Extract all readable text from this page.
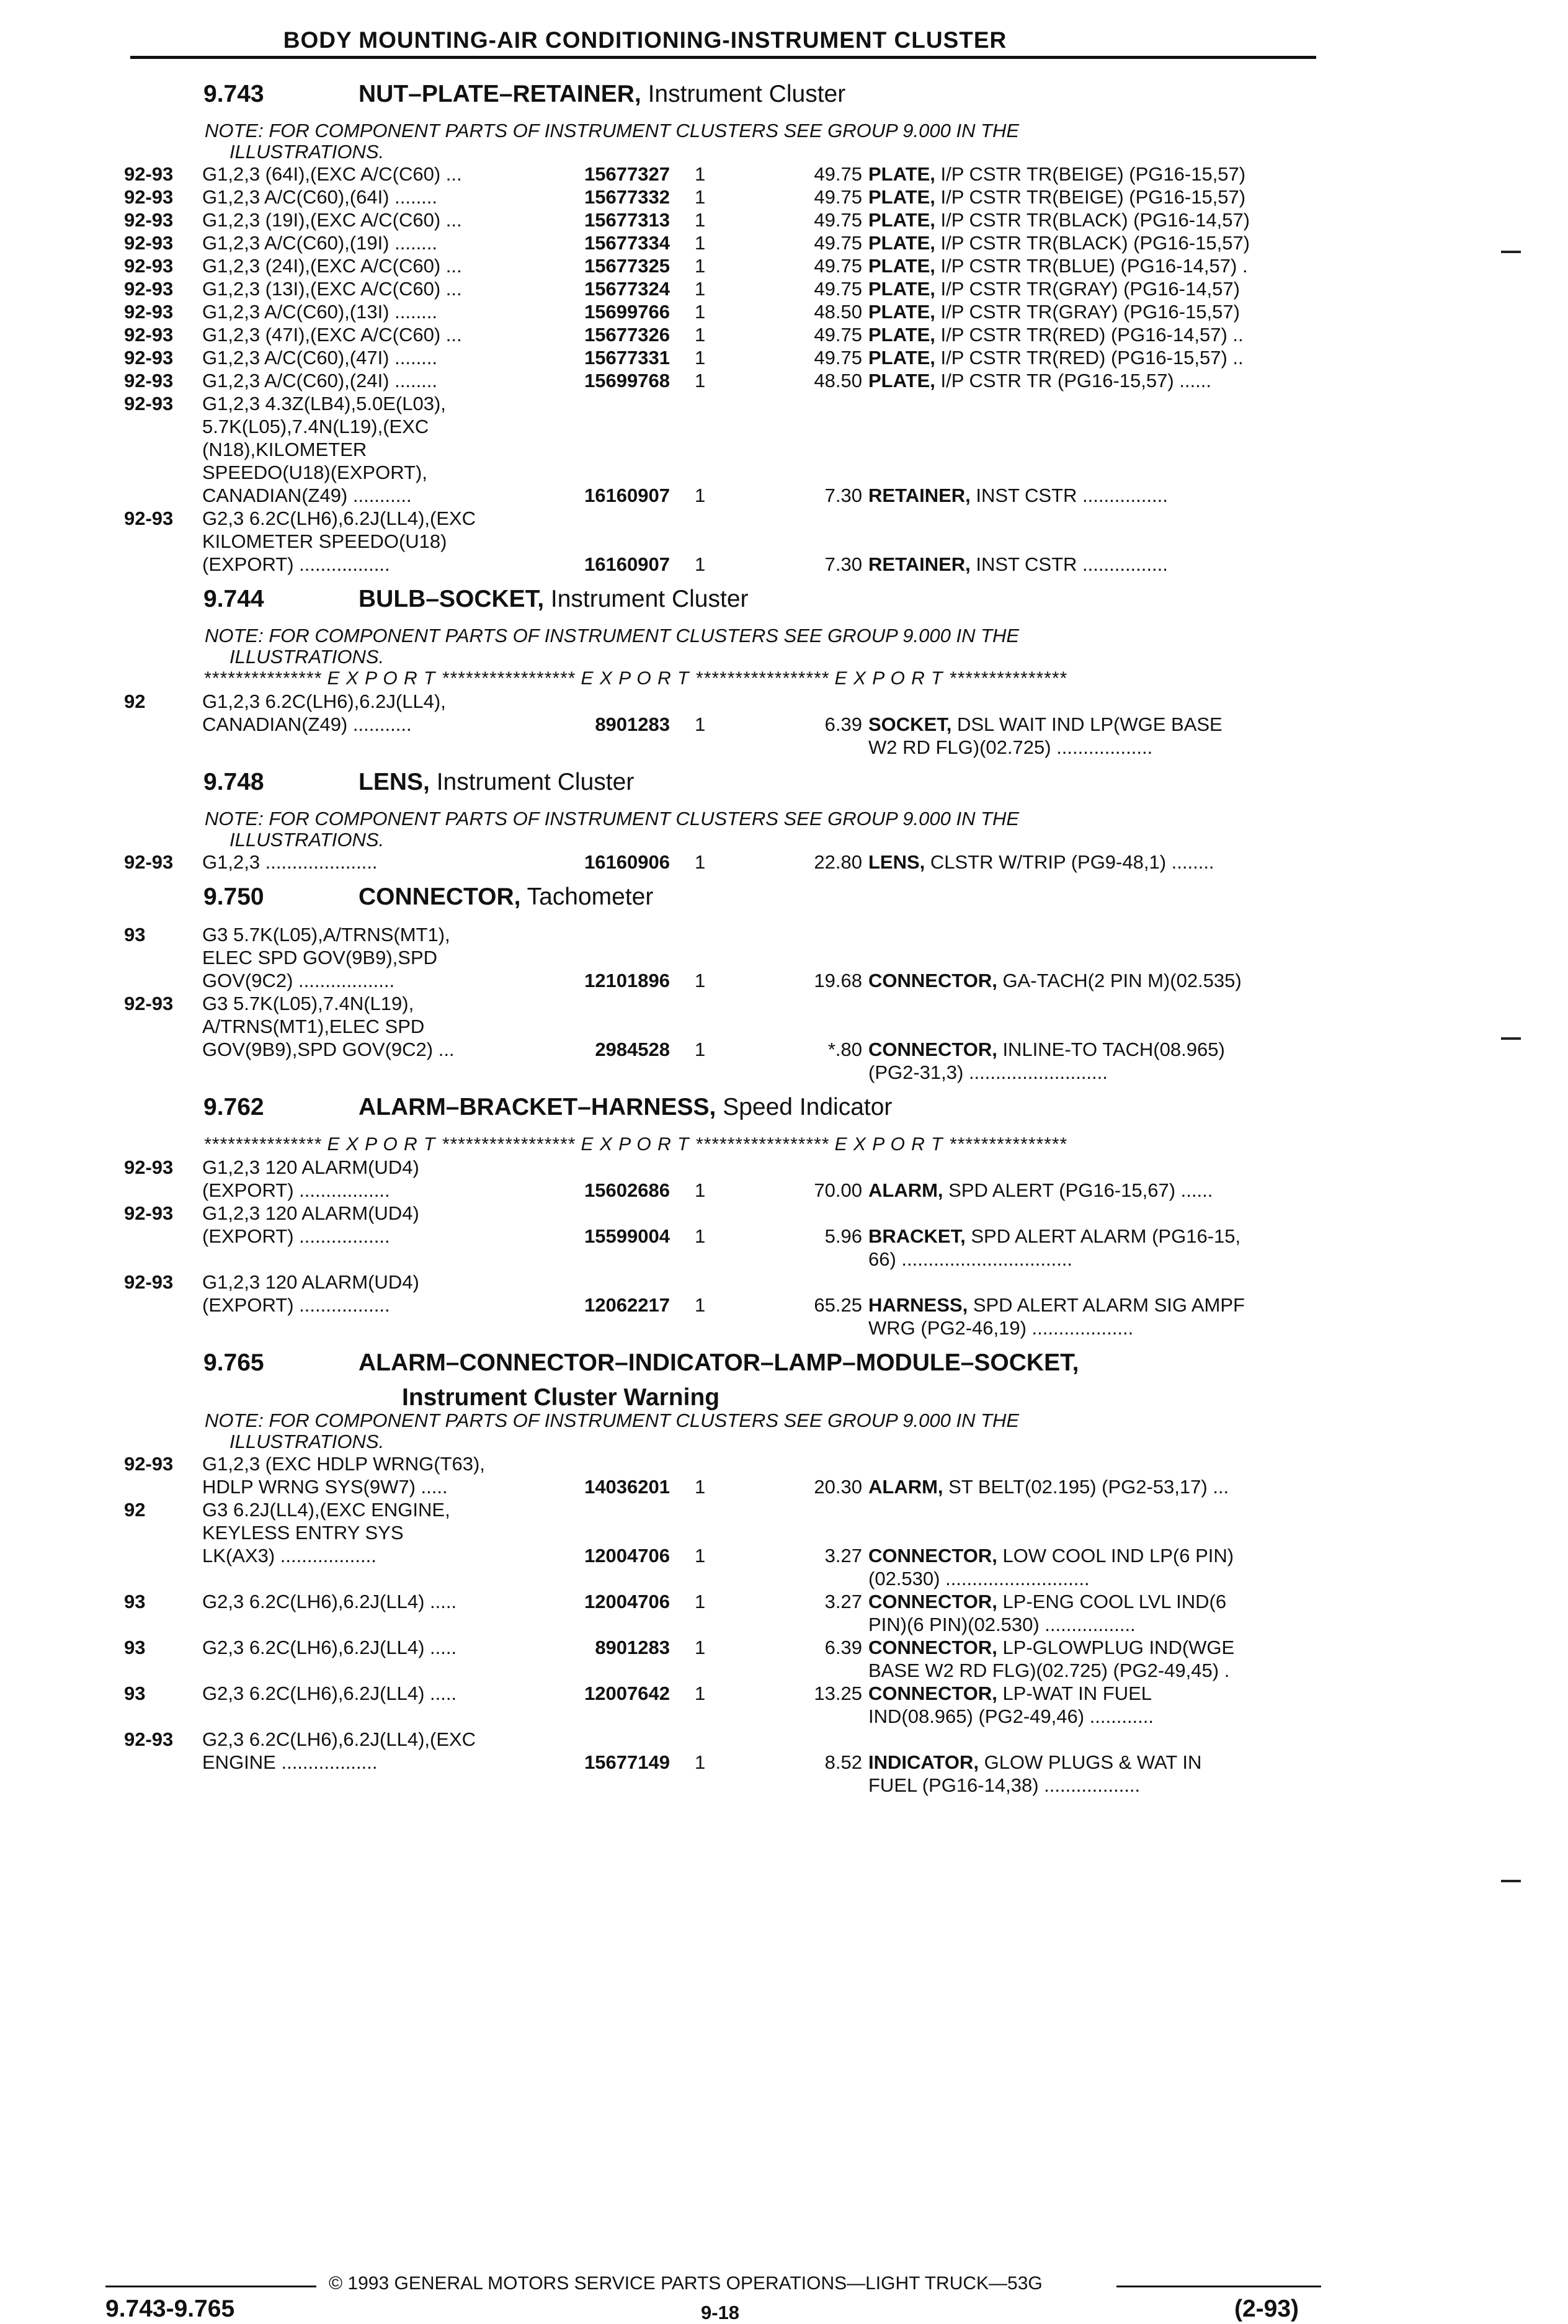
BODY MOUNTING-AIR CONDITIONING-INSTRUMENT CLUSTER
9.743	NUT–PLATE–RETAINER, Instrument Cluster
NOTE: FOR COMPONENT PARTS OF INSTRUMENT CLUSTERS SEE GROUP 9.000 IN THE
ILLUSTRATIONS.
92-93	G1,2,3 (64I),(EXC A/C(C60) ...	15677327 1	49.75 PLATE, I/P CSTR TR(BEIGE) (PG16-15,57)
92-93	G1,2,3 A/C(C60),(64I) ........	15677332 1	49.75 PLATE, I/P CSTR TR(BEIGE) (PG16-15,57)
92-93	G1,2,3 (19I),(EXC A/C(C60) ...	15677313 1	49.75 PLATE, I/P CSTR TR(BLACK) (PG16-14,57)
92-93	G1,2,3 A/C(C60),(19I) ........	15677334 1	49.75 PLATE, I/P CSTR TR(BLACK) (PG16-15,57)
92-93	G1,2,3 (24I),(EXC A/C(C60) ...	15677325 1	49.75 PLATE, I/P CSTR TR(BLUE) (PG16-14,57) .
92-93	G1,2,3 (13I),(EXC A/C(C60) ...	15677324 1	49.75 PLATE, I/P CSTR TR(GRAY) (PG16-14,57)
92-93	G1,2,3 A/C(C60),(13I) ........	15699766 1	48.50 PLATE, I/P CSTR TR(GRAY) (PG16-15,57)
92-93	G1,2,3 (47I),(EXC A/C(C60) ...	15677326 1	49.75 PLATE, I/P CSTR TR(RED) (PG16-14,57) ..
92-93	G1,2,3 A/C(C60),(47I) ........	15677331 1	49.75 PLATE, I/P CSTR TR(RED) (PG16-15,57) ..
92-93	G1,2,3 A/C(C60),(24I) ........	15699768 1	48.50 PLATE, I/P CSTR TR (PG16-15,57) ......
92-93	G1,2,3 4.3Z(LB4),5.0E(L03),
5.7K(L05),7.4N(L19),(EXC
(N18),KILOMETER
SPEEDO(U18)(EXPORT),
CANADIAN(Z49) ...........	16160907 1	7.30 RETAINER, INST CSTR ................
92-93	G2,3 6.2C(LH6),6.2J(LL4),(EXC
KILOMETER SPEEDO(U18)
(EXPORT) .................	16160907 1	7.30 RETAINER, INST CSTR ................
9.744	BULB–SOCKET, Instrument Cluster
NOTE: FOR COMPONENT PARTS OF INSTRUMENT CLUSTERS SEE GROUP 9.000 IN THE
ILLUSTRATIONS.
*************** E X P O R T ***************** E X P O R T ***************** E X P O R T ***************
92	G1,2,3 6.2C(LH6),6.2J(LL4),
CANADIAN(Z49) ...........	8901283 1	6.39 SOCKET, DSL WAIT IND LP(WGE BASE
W2 RD FLG)(02.725) ..................
9.748	LENS, Instrument Cluster
NOTE: FOR COMPONENT PARTS OF INSTRUMENT CLUSTERS SEE GROUP 9.000 IN THE
ILLUSTRATIONS.
92-93	G1,2,3 .....................	16160906 1	22.80 LENS, CLSTR W/TRIP (PG9-48,1) ........
9.750	CONNECTOR, Tachometer
93	G3 5.7K(L05),A/TRNS(MT1),
ELEC SPD GOV(9B9),SPD
GOV(9C2) ..................	12101896 1	19.68 CONNECTOR, GA-TACH(2 PIN M)(02.535)
92-93	G3 5.7K(L05),7.4N(L19),
A/TRNS(MT1),ELEC SPD
GOV(9B9),SPD GOV(9C2) ...	2984528 1	*.80 CONNECTOR, INLINE-TO TACH(08.965)
(PG2-31,3) ..........................
9.762	ALARM–BRACKET–HARNESS, Speed Indicator
*************** E X P O R T ***************** E X P O R T ***************** E X P O R T ***************
92-93	G1,2,3 120 ALARM(UD4)
(EXPORT) .................	15602686 1	70.00 ALARM, SPD ALERT (PG16-15,67) ......
92-93	G1,2,3 120 ALARM(UD4)
(EXPORT) .................	15599004 1	5.96 BRACKET, SPD ALERT ALARM (PG16-15,
66) ................................
92-93	G1,2,3 120 ALARM(UD4)
(EXPORT) .................	12062217 1	65.25 HARNESS, SPD ALERT ALARM SIG AMPF
WRG (PG2-46,19) ...................
9.765	ALARM–CONNECTOR–INDICATOR–LAMP–MODULE–SOCKET,
Instrument Cluster Warning
NOTE: FOR COMPONENT PARTS OF INSTRUMENT CLUSTERS SEE GROUP 9.000 IN THE
ILLUSTRATIONS.
92-93	G1,2,3 (EXC HDLP WRNG(T63),
HDLP WRNG SYS(9W7) .....	14036201 1	20.30 ALARM, ST BELT(02.195) (PG2-53,17) ...
92	G3 6.2J(LL4),(EXC ENGINE,
KEYLESS ENTRY SYS
LK(AX3) ..................	12004706 1	3.27 CONNECTOR, LOW COOL IND LP(6 PIN)
(02.530) ...........................
93	G2,3 6.2C(LH6),6.2J(LL4) .....	12004706 1	3.27 CONNECTOR, LP-ENG COOL LVL IND(6
PIN)(6 PIN)(02.530) .................
93	G2,3 6.2C(LH6),6.2J(LL4) .....	8901283 1	6.39 CONNECTOR, LP-GLOWPLUG IND(WGE
BASE W2 RD FLG)(02.725) (PG2-49,45) .
93	G2,3 6.2C(LH6),6.2J(LL4) .....	12007642 1	13.25 CONNECTOR, LP-WAT IN FUEL
IND(08.965) (PG2-49,46) ............
92-93	G2,3 6.2C(LH6),6.2J(LL4),(EXC
ENGINE ..................	15677149 1	8.52 INDICATOR, GLOW PLUGS & WAT IN
FUEL (PG16-14,38) ..................
© 1993 GENERAL MOTORS SERVICE PARTS OPERATIONS—LIGHT TRUCK—53G
9.743-9.765	9-18	(2-93)
